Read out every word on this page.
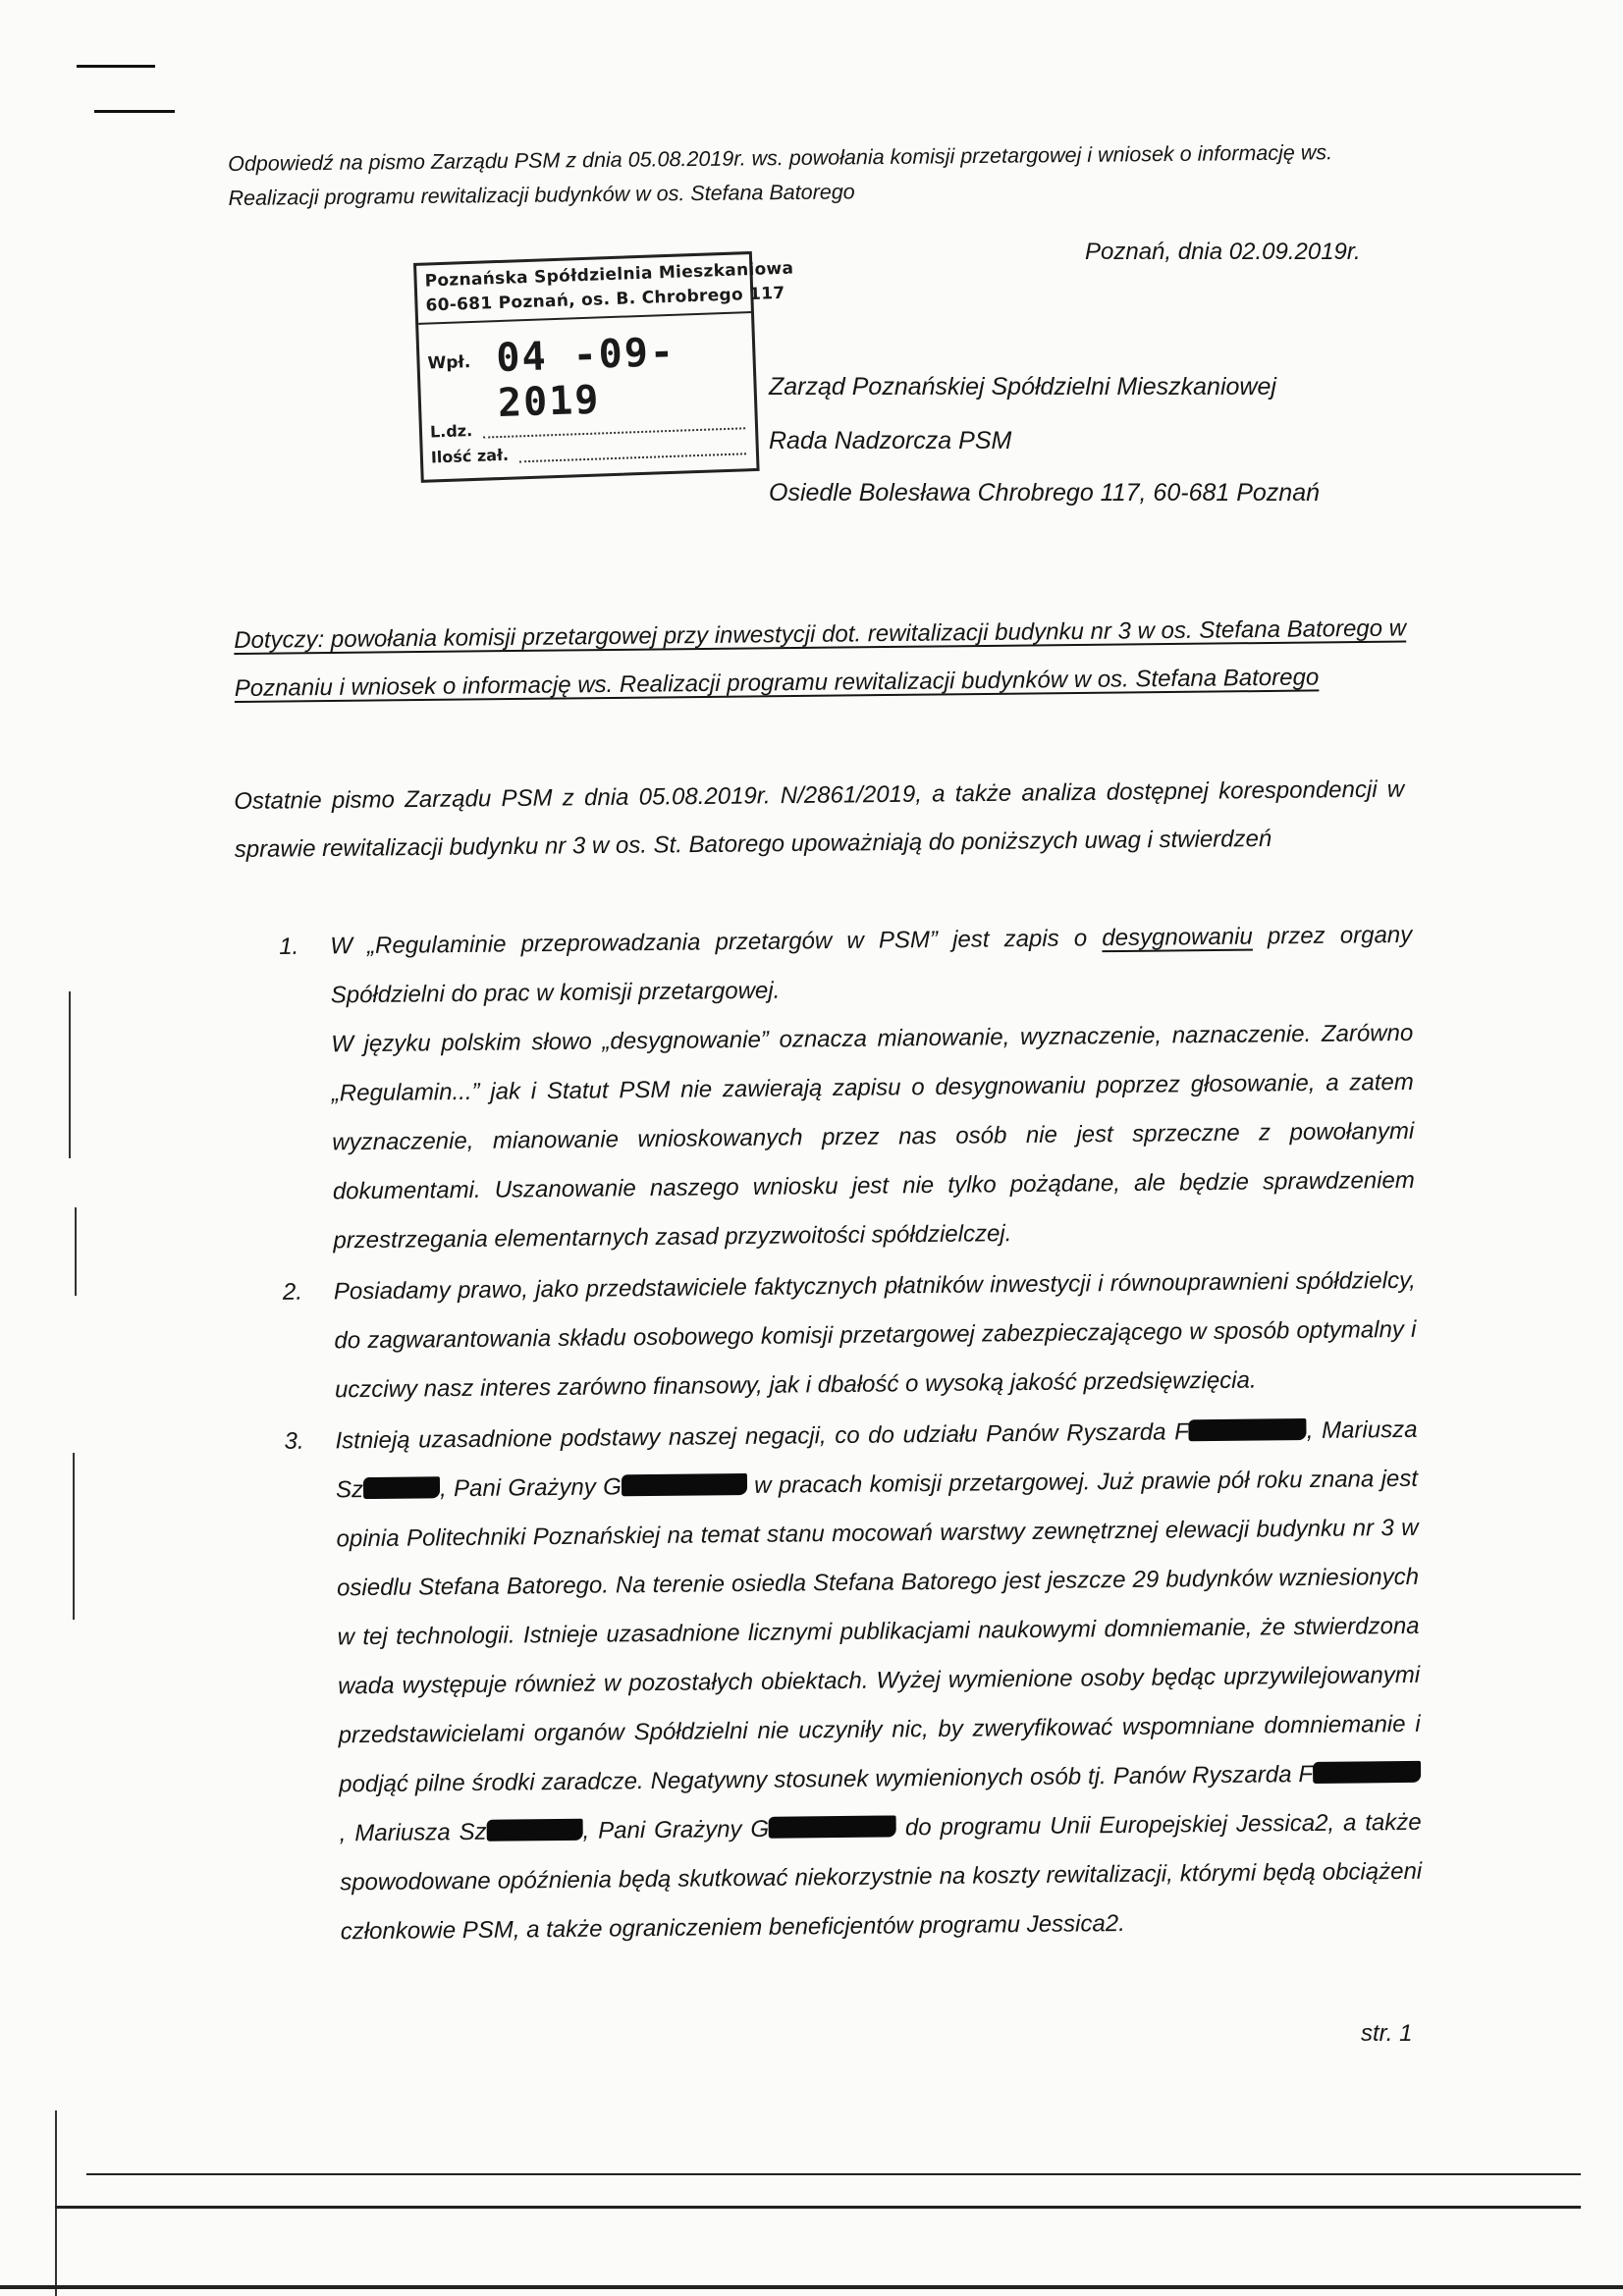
Odpowiedź na pismo Zarządu PSM z dnia 05.08.2019r. ws. powołania komisji przetargowej i wniosek o informację ws. Realizacji programu rewitalizacji budynków w os. Stefana Batorego
Poznań, dnia 02.09.2019r.
Poznańska Spółdzielnia Mieszkaniowa
60-681 Poznań, os. B. Chrobrego 117
Wpł. 04 -09- 2019
L.dz.
Ilość zał.
Zarząd Poznańskiej Spółdzielni Mieszkaniowej
Rada Nadzorcza PSM
Osiedle Bolesława Chrobrego 117, 60-681 Poznań
Dotyczy: powołania komisji przetargowej przy inwestycji dot. rewitalizacji budynku nr 3 w os. Stefana Batorego w Poznaniu i wniosek o informację ws. Realizacji programu rewitalizacji budynków w os. Stefana Batorego
Ostatnie pismo Zarządu PSM z dnia 05.08.2019r. N/2861/2019, a także analiza dostępnej korespondencji w sprawie rewitalizacji budynku nr 3 w os. St. Batorego upoważniają do poniższych uwag i stwierdzeń
1. W „Regulaminie przeprowadzania przetargów w PSM” jest zapis o desygnowaniu przez organy Spółdzielni do prac w komisji przetargowej.
W języku polskim słowo „desygnowanie” oznacza mianowanie, wyznaczenie, naznaczenie. Zarówno „Regulamin...” jak i Statut PSM nie zawierają zapisu o desygnowaniu poprzez głosowanie, a zatem wyznaczenie, mianowanie wnioskowanych przez nas osób nie jest sprzeczne z powołanymi dokumentami. Uszanowanie naszego wniosku jest nie tylko pożądane, ale będzie sprawdzeniem przestrzegania elementarnych zasad przyzwoitości spółdzielczej.
2. Posiadamy prawo, jako przedstawiciele faktycznych płatników inwestycji i równouprawnieni spółdzielcy, do zagwarantowania składu osobowego komisji przetargowej zabezpieczającego w sposób optymalny i uczciwy nasz interes zarówno finansowy, jak i dbałość o wysoką jakość przedsięwzięcia.
3. Istnieją uzasadnione podstawy naszej negacji, co do udziału Panów Ryszarda F	, Mariusza Sz	, Pani Grażyny G	w pracach komisji przetargowej. Już prawie pół roku znana jest opinia Politechniki Poznańskiej na temat stanu mocowań warstwy zewnętrznej elewacji budynku nr 3 w osiedlu Stefana Batorego. Na terenie osiedla Stefana Batorego jest jeszcze 29 budynków wzniesionych w tej technologii. Istnieje uzasadnione licznymi publikacjami naukowymi domniemanie, że stwierdzona wada występuje również w pozostałych obiektach. Wyżej wymienione osoby będąc uprzywilejowanymi przedstawicielami organów Spółdzielni nie uczyniły nic, by zweryfikować wspomniane domniemanie i podjąć pilne środki zaradcze. Negatywny stosunek wymienionych osób tj. Panów Ryszarda F, Mariusza Sz	, Pani Grażyny G	do programu Unii Europejskiej Jessica2, a także spowodowane opóźnienia będą skutkować niekorzystnie na koszty rewitalizacji, którymi będą obciążeni członkowie PSM, a także ograniczeniem beneficjentów programu Jessica2.
str. 1
